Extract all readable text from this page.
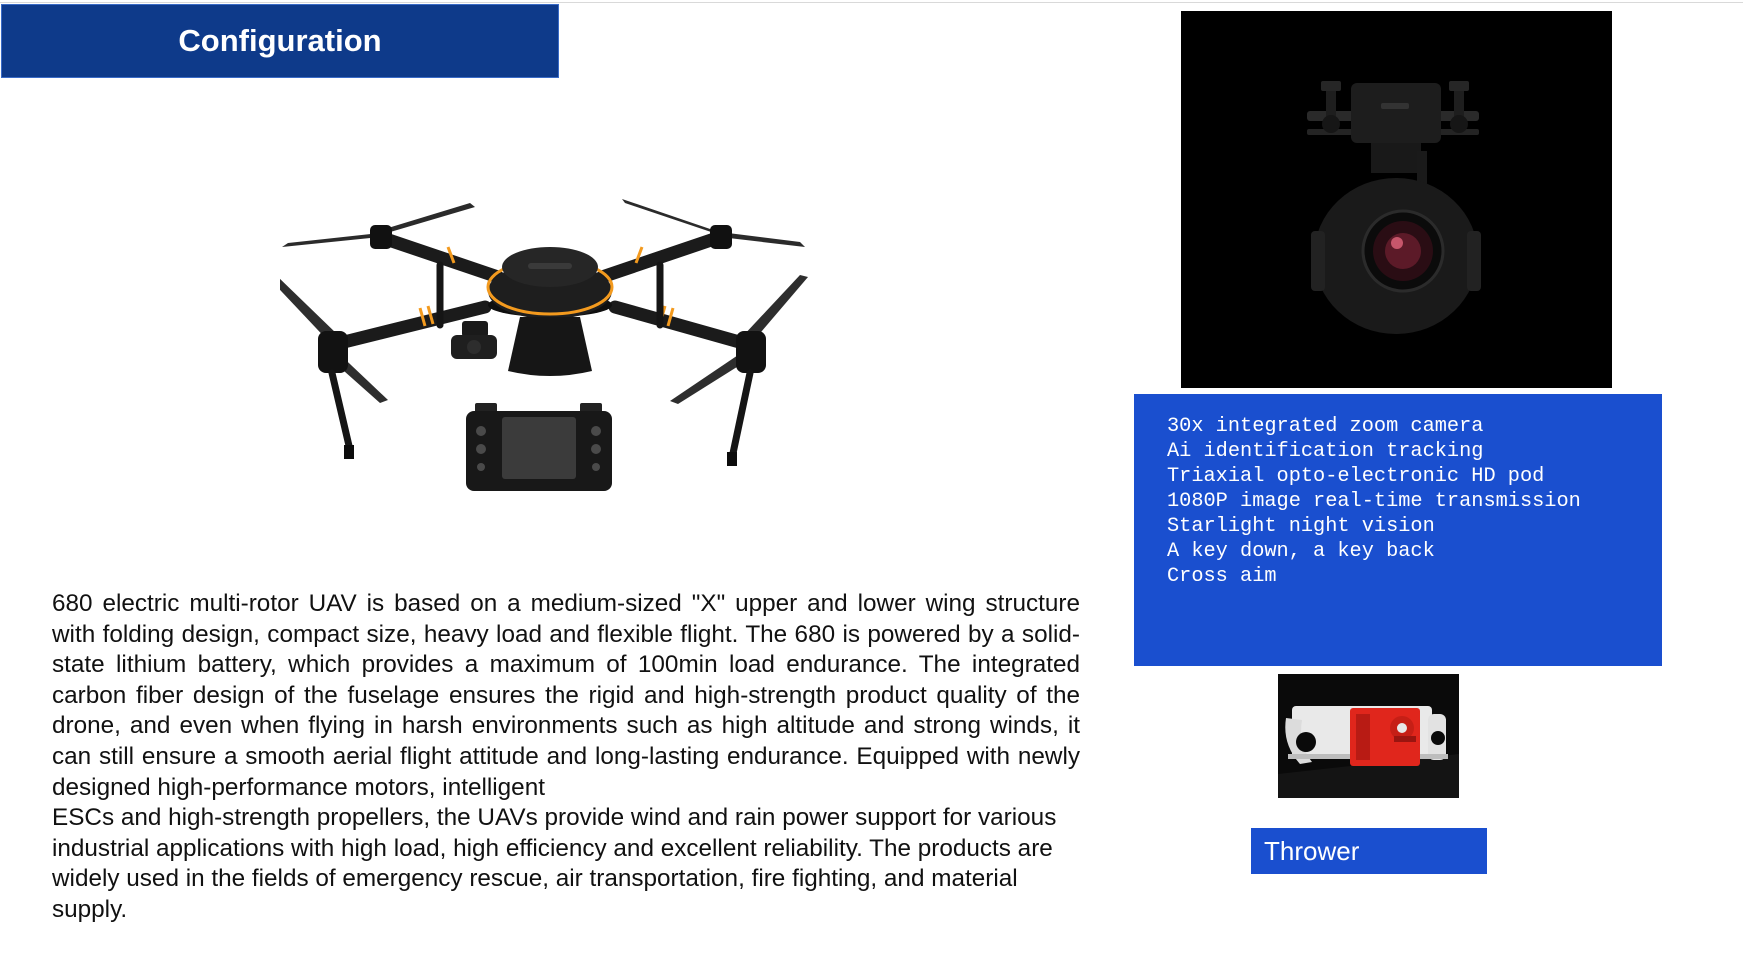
Configuration

680 electric multi-rotor UAV is based on a medium-sized "X" upper and lower wing structure with folding design, compact size, heavy load and flexible flight. The 680 is powered by a solid-state lithium battery, which provides a maximum of 100min load endurance. The integrated carbon fiber design of the fuselage ensures the rigid and high-strength product quality of the drone, and even when flying in harsh environments such as high altitude and strong winds, it can still ensure a smooth aerial flight attitude and long-lasting endurance. Equipped with newly designed high-performance motors, intelligent

ESCs and high-strength propellers, the UAVs provide wind and rain power support for various industrial applications with high load, high efficiency and excellent reliability. The products are widely used in the fields of emergency rescue, air transportation, fire fighting, and material supply.

30x integrated zoom camera
Ai identification tracking
Triaxial opto-electronic HD pod
1080P image real-time transmission
Starlight night vision
A key down, a key back
Cross aim
Thrower
